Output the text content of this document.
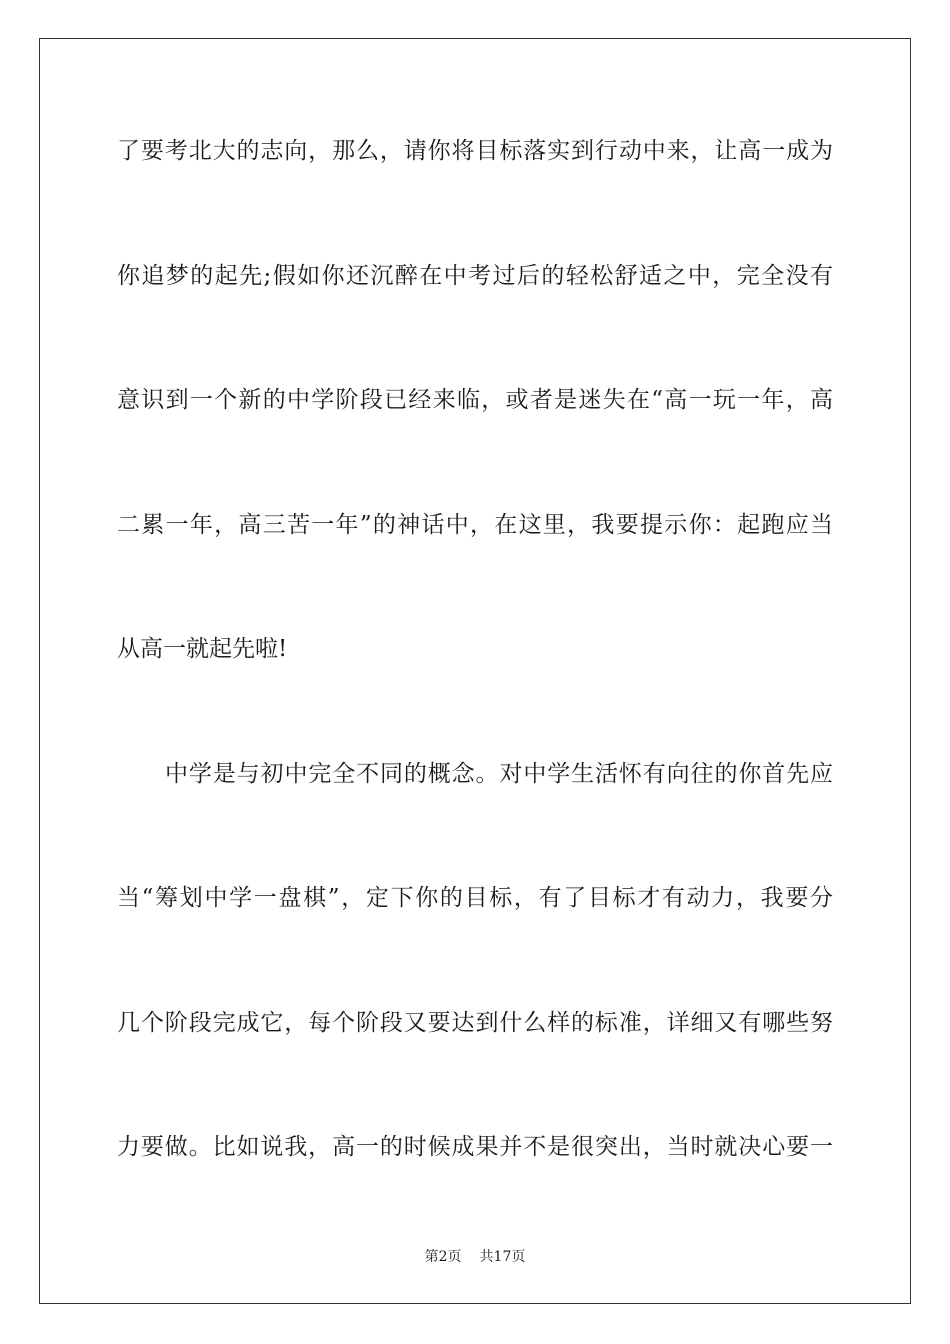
了要考北大的志向，那么，请你将目标落实到行动中来，让高一成为
你追梦的起先;假如你还沉醉在中考过后的轻松舒适之中，完全没有
意识到一个新的中学阶段已经来临，或者是迷失在“高一玩一年，高
二累一年，高三苦一年”的神话中，在这里，我要提示你：起跑应当
从高一就起先啦!
中学是与初中完全不同的概念。对中学生活怀有向往的你首先应
当“筹划中学一盘棋”，定下你的目标，有了目标才有动力，我要分
几个阶段完成它，每个阶段又要达到什么样的标准，详细又有哪些努
力要做。比如说我，高一的时候成果并不是很突出，当时就决心要一
第2页 共17页
